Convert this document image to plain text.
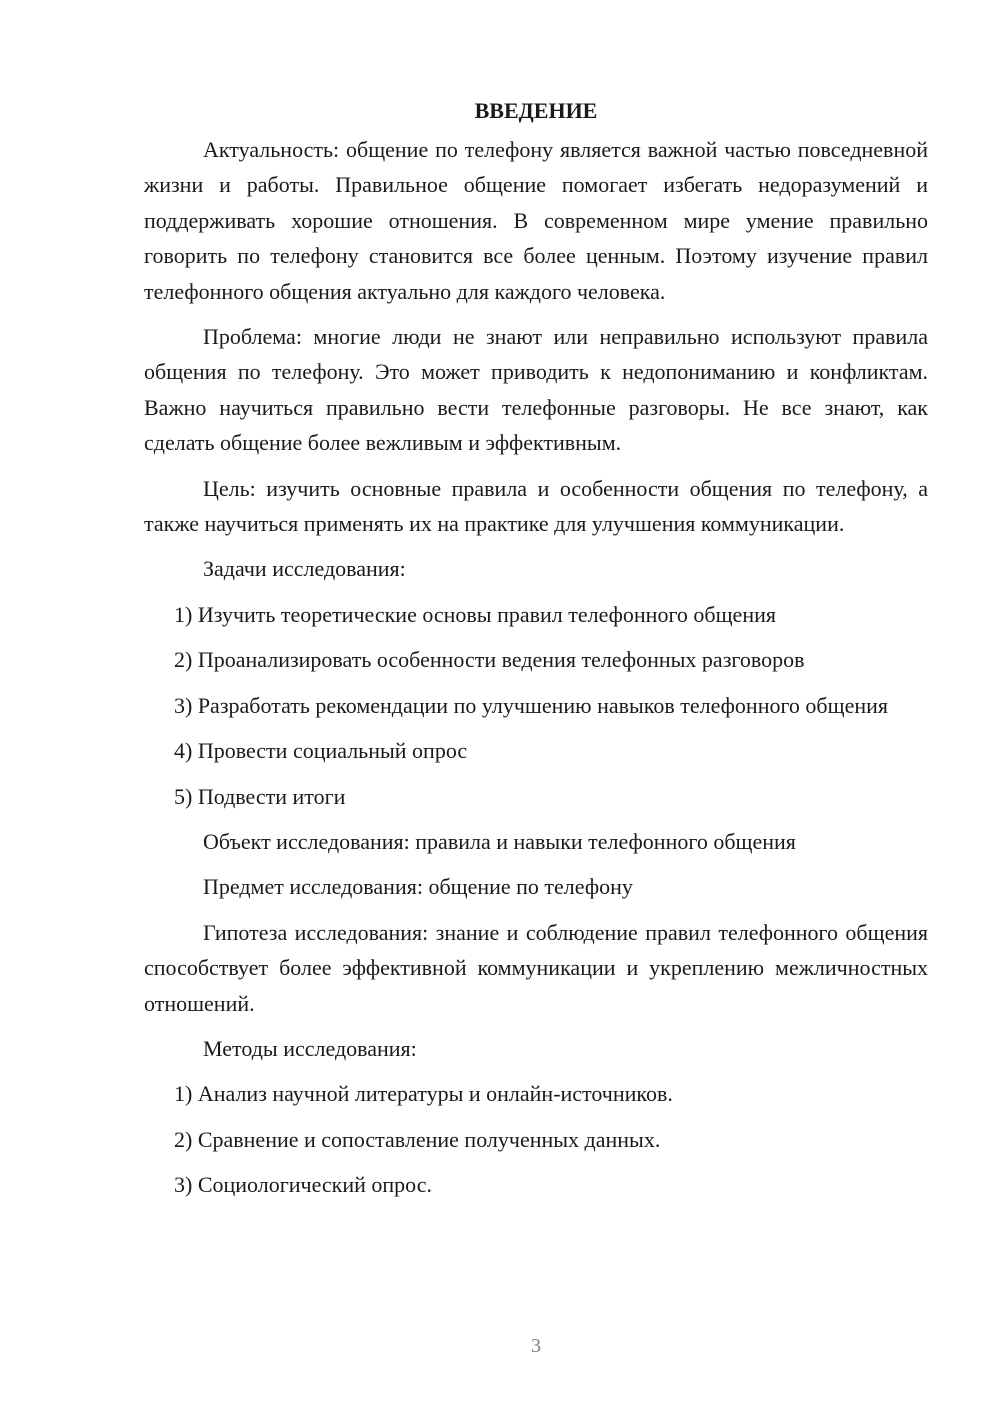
ВВЕДЕНИЕ

Актуальность: общение по телефону является важной частью повседневной жизни и работы. Правильное общение помогает избегать недоразумений и поддерживать хорошие отношения. В современном мире умение правильно говорить по телефону становится все более ценным. Поэтому изучение правил телефонного общения актуально для каждого человека.

Проблема: многие люди не знают или неправильно используют правила общения по телефону. Это может приводить к недопониманию и конфликтам. Важно научиться правильно вести телефонные разговоры. Не все знают, как сделать общение более вежливым и эффективным.

Цель: изучить основные правила и особенности общения по телефону, а также научиться применять их на практике для улучшения коммуникации.

Задачи исследования:

1) Изучить теоретические основы правил телефонного общения

2) Проанализировать особенности ведения телефонных разговоров

3) Разработать рекомендации по улучшению навыков телефонного общения

4) Провести социальный опрос

5) Подвести итоги

Объект исследования: правила и навыки телефонного общения

Предмет исследования: общение по телефону

Гипотеза исследования: знание и соблюдение правил телефонного общения способствует более эффективной коммуникации и укреплению межличностных отношений.

Методы исследования:

1) Анализ научной литературы и онлайн-источников.

2) Сравнение и сопоставление полученных данных.

3) Социологический опрос.

3
